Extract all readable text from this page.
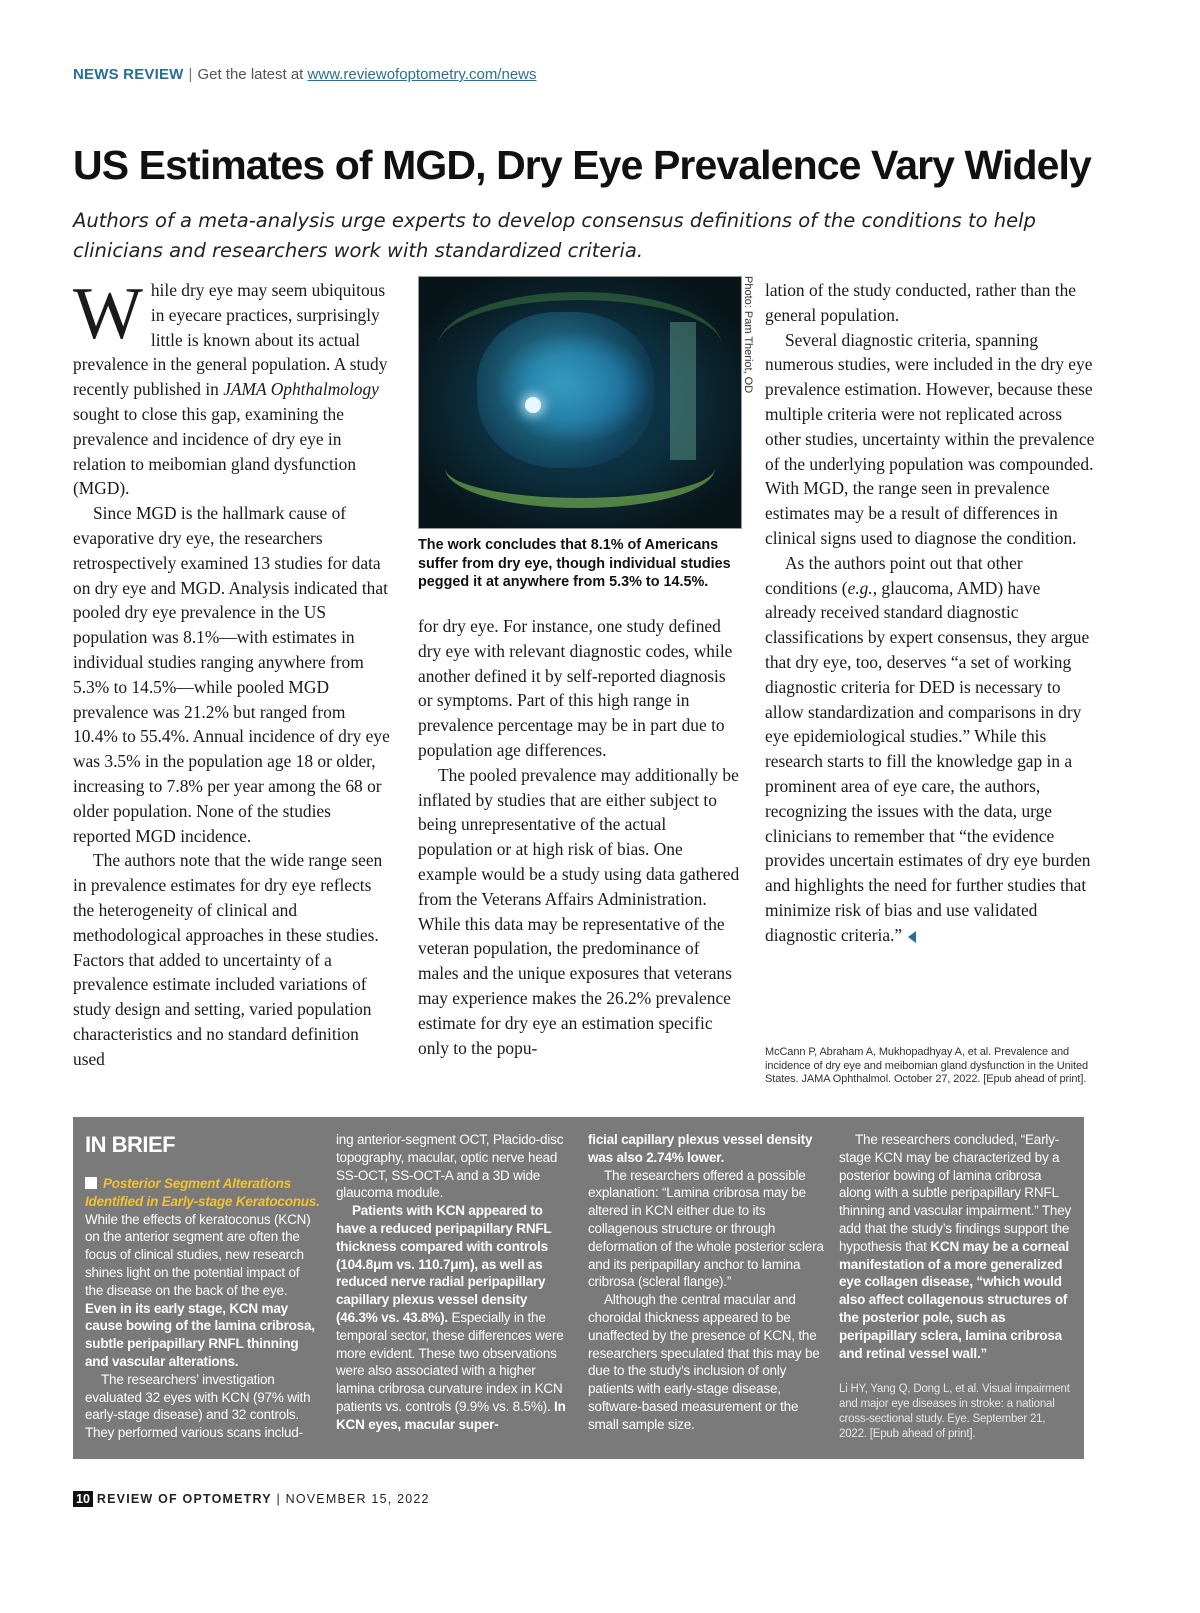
NEWS REVIEW | Get the latest at www.reviewofoptometry.com/news
US Estimates of MGD, Dry Eye Prevalence Vary Widely

Authors of a meta-analysis urge experts to develop consensus definitions of the conditions to help clinicians and researchers work with standardized criteria.

While dry eye may seem ubiquitous in eyecare practices, surprisingly little is known about its actual prevalence in the general population. A study recently published in JAMA Ophthalmology sought to close this gap, examining the prevalence and incidence of dry eye in relation to meibomian gland dysfunction (MGD).

Since MGD is the hallmark cause of evaporative dry eye, the researchers retrospectively examined 13 studies for data on dry eye and MGD. Analysis indicated that pooled dry eye prevalence in the US population was 8.1%—with estimates in individual studies ranging anywhere from 5.3% to 14.5%—while pooled MGD prevalence was 21.2% but ranged from 10.4% to 55.4%. Annual incidence of dry eye was 3.5% in the population age 18 or older, increasing to 7.8% per year among the 68 or older population. None of the studies reported MGD incidence.

The authors note that the wide range seen in prevalence estimates for dry eye reflects the heterogeneity of clinical and methodological approaches in these studies. Factors that added to uncertainty of a prevalence estimate included variations of study design and setting, varied population characteristics and no standard definition used

Photo: Pam Theriot, OD

The work concludes that 8.1% of Americans suffer from dry eye, though individual studies pegged it at anywhere from 5.3% to 14.5%.

for dry eye. For instance, one study defined dry eye with relevant diagnostic codes, while another defined it by self-reported diagnosis or symptoms. Part of this high range in prevalence percentage may be in part due to population age differences.

The pooled prevalence may additionally be inflated by studies that are either subject to being unrepresentative of the actual population or at high risk of bias. One example would be a study using data gathered from the Veterans Affairs Administration. While this data may be representative of the veteran population, the predominance of males and the unique exposures that veterans may experience makes the 26.2% prevalence estimate for dry eye an estimation specific only to the popu-

lation of the study conducted, rather than the general population.

Several diagnostic criteria, spanning numerous studies, were included in the dry eye prevalence estimation. However, because these multiple criteria were not replicated across other studies, uncertainty within the prevalence of the underlying population was compounded. With MGD, the range seen in prevalence estimates may be a result of differences in clinical signs used to diagnose the condition.

As the authors point out that other conditions (e.g., glaucoma, AMD) have already received standard diagnostic classifications by expert consensus, they argue that dry eye, too, deserves “a set of working diagnostic criteria for DED is necessary to allow standardization and comparisons in dry eye epidemiological studies.” While this research starts to fill the knowledge gap in a prominent area of eye care, the authors, recognizing the issues with the data, urge clinicians to remember that “the evidence provides uncertain estimates of dry eye burden and highlights the need for further studies that minimize risk of bias and use validated diagnostic criteria.”

McCann P, Abraham A, Mukhopadhyay A, et al. Prevalence and incidence of dry eye and meibomian gland dysfunction in the United States. JAMA Ophthalmol. October 27, 2022. [Epub ahead of print].

IN BRIEF

Posterior Segment Alterations Identified in Early-stage Keratoconus. While the effects of keratoconus (KCN) on the anterior segment are often the focus of clinical studies, new research shines light on the potential impact of the disease on the back of the eye. Even in its early stage, KCN may cause bowing of the lamina cribrosa, subtle peripapillary RNFL thinning and vascular alterations.

The researchers’ investigation evaluated 32 eyes with KCN (97% with early-stage disease) and 32 controls. They performed various scans includ-

ing anterior-segment OCT, Placido-disc topography, macular, optic nerve head SS-OCT, SS-OCT-A and a 3D wide glaucoma module.

Patients with KCN appeared to have a reduced peripapillary RNFL thickness compared with controls (104.8μm vs. 110.7μm), as well as reduced nerve radial peripapillary capillary plexus vessel density (46.3% vs. 43.8%). Especially in the temporal sector, these differences were more evident. These two observations were also associated with a higher lamina cribrosa curvature index in KCN patients vs. controls (9.9% vs. 8.5%). In KCN eyes, macular super-

ficial capillary plexus vessel density was also 2.74% lower.

The researchers offered a possible explanation: “Lamina cribrosa may be altered in KCN either due to its collagenous structure or through deformation of the whole posterior sclera and its peripapillary anchor to lamina cribrosa (scleral flange).”

Although the central macular and choroidal thickness appeared to be unaffected by the presence of KCN, the researchers speculated that this may be due to the study’s inclusion of only patients with early-stage disease, software-based measurement or the small sample size.

The researchers concluded, “Early-stage KCN may be characterized by a posterior bowing of lamina cribrosa along with a subtle peripapillary RNFL thinning and vascular impairment.” They add that the study’s findings support the hypothesis that KCN may be a corneal manifestation of a more generalized eye collagen disease, “which would also affect collagenous structures of the posterior pole, such as peripapillary sclera, lamina cribrosa and retinal vessel wall.”

Li HY, Yang Q, Dong L, et al. Visual impairment and major eye diseases in stroke: a national cross-sectional study. Eye. September 21, 2022. [Epub ahead of print].

10 REVIEW OF OPTOMETRY | NOVEMBER 15, 2022
